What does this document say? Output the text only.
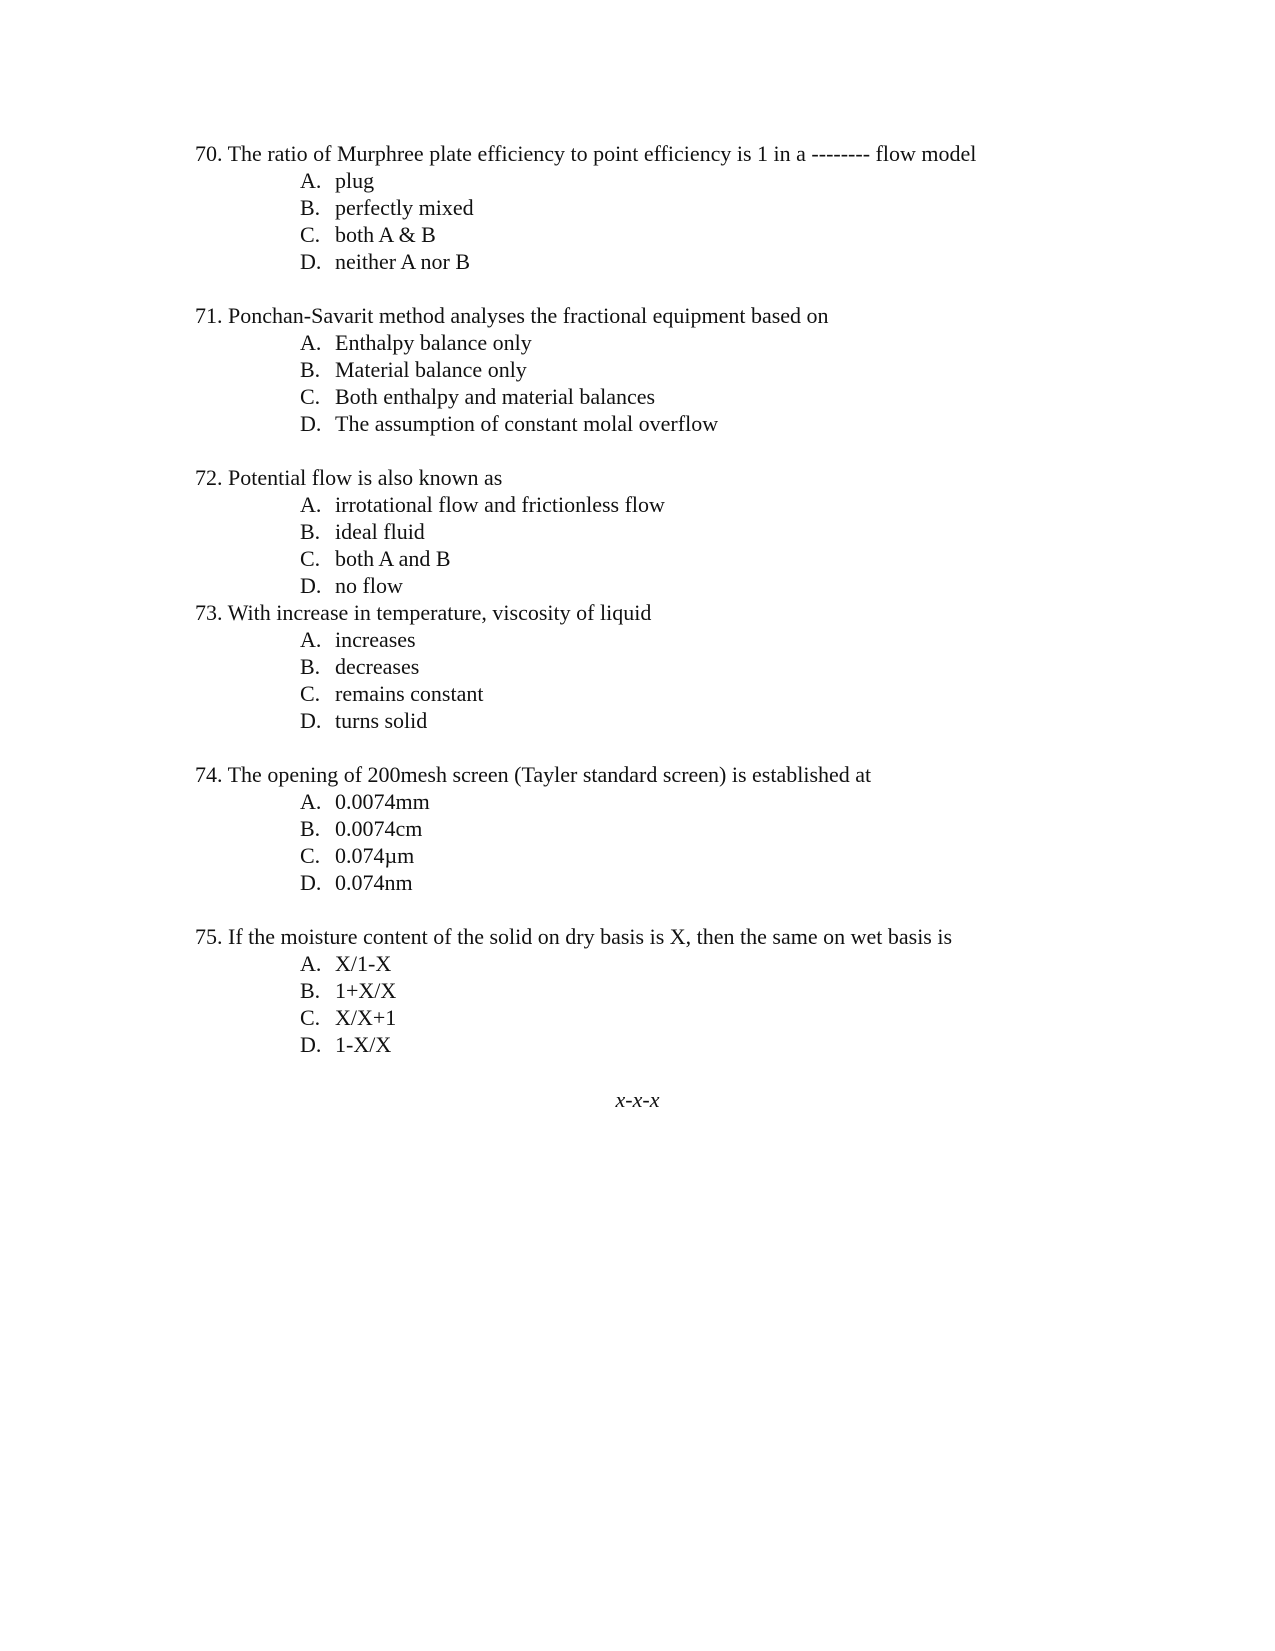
70. The ratio of Murphree plate efficiency to point efficiency is 1 in a -------- flow model
A. plug
B. perfectly mixed
C. both A & B
D. neither A nor B
71. Ponchan-Savarit method analyses the fractional equipment based on
A. Enthalpy balance only
B. Material balance only
C. Both enthalpy and material balances
D. The assumption of constant molal overflow
72. Potential flow is also known as
A. irrotational flow and frictionless flow
B. ideal fluid
C. both A and B
D. no flow
73. With increase in temperature, viscosity of liquid
A. increases
B. decreases
C. remains constant
D. turns solid
74. The opening of 200mesh screen (Tayler standard screen) is established at
A. 0.0074mm
B. 0.0074cm
C. 0.074µm
D. 0.074nm
75. If the moisture content of the solid on dry basis is X, then the same on wet basis is
A. X/1-X
B. 1+X/X
C. X/X+1
D. 1-X/X
x-x-x
